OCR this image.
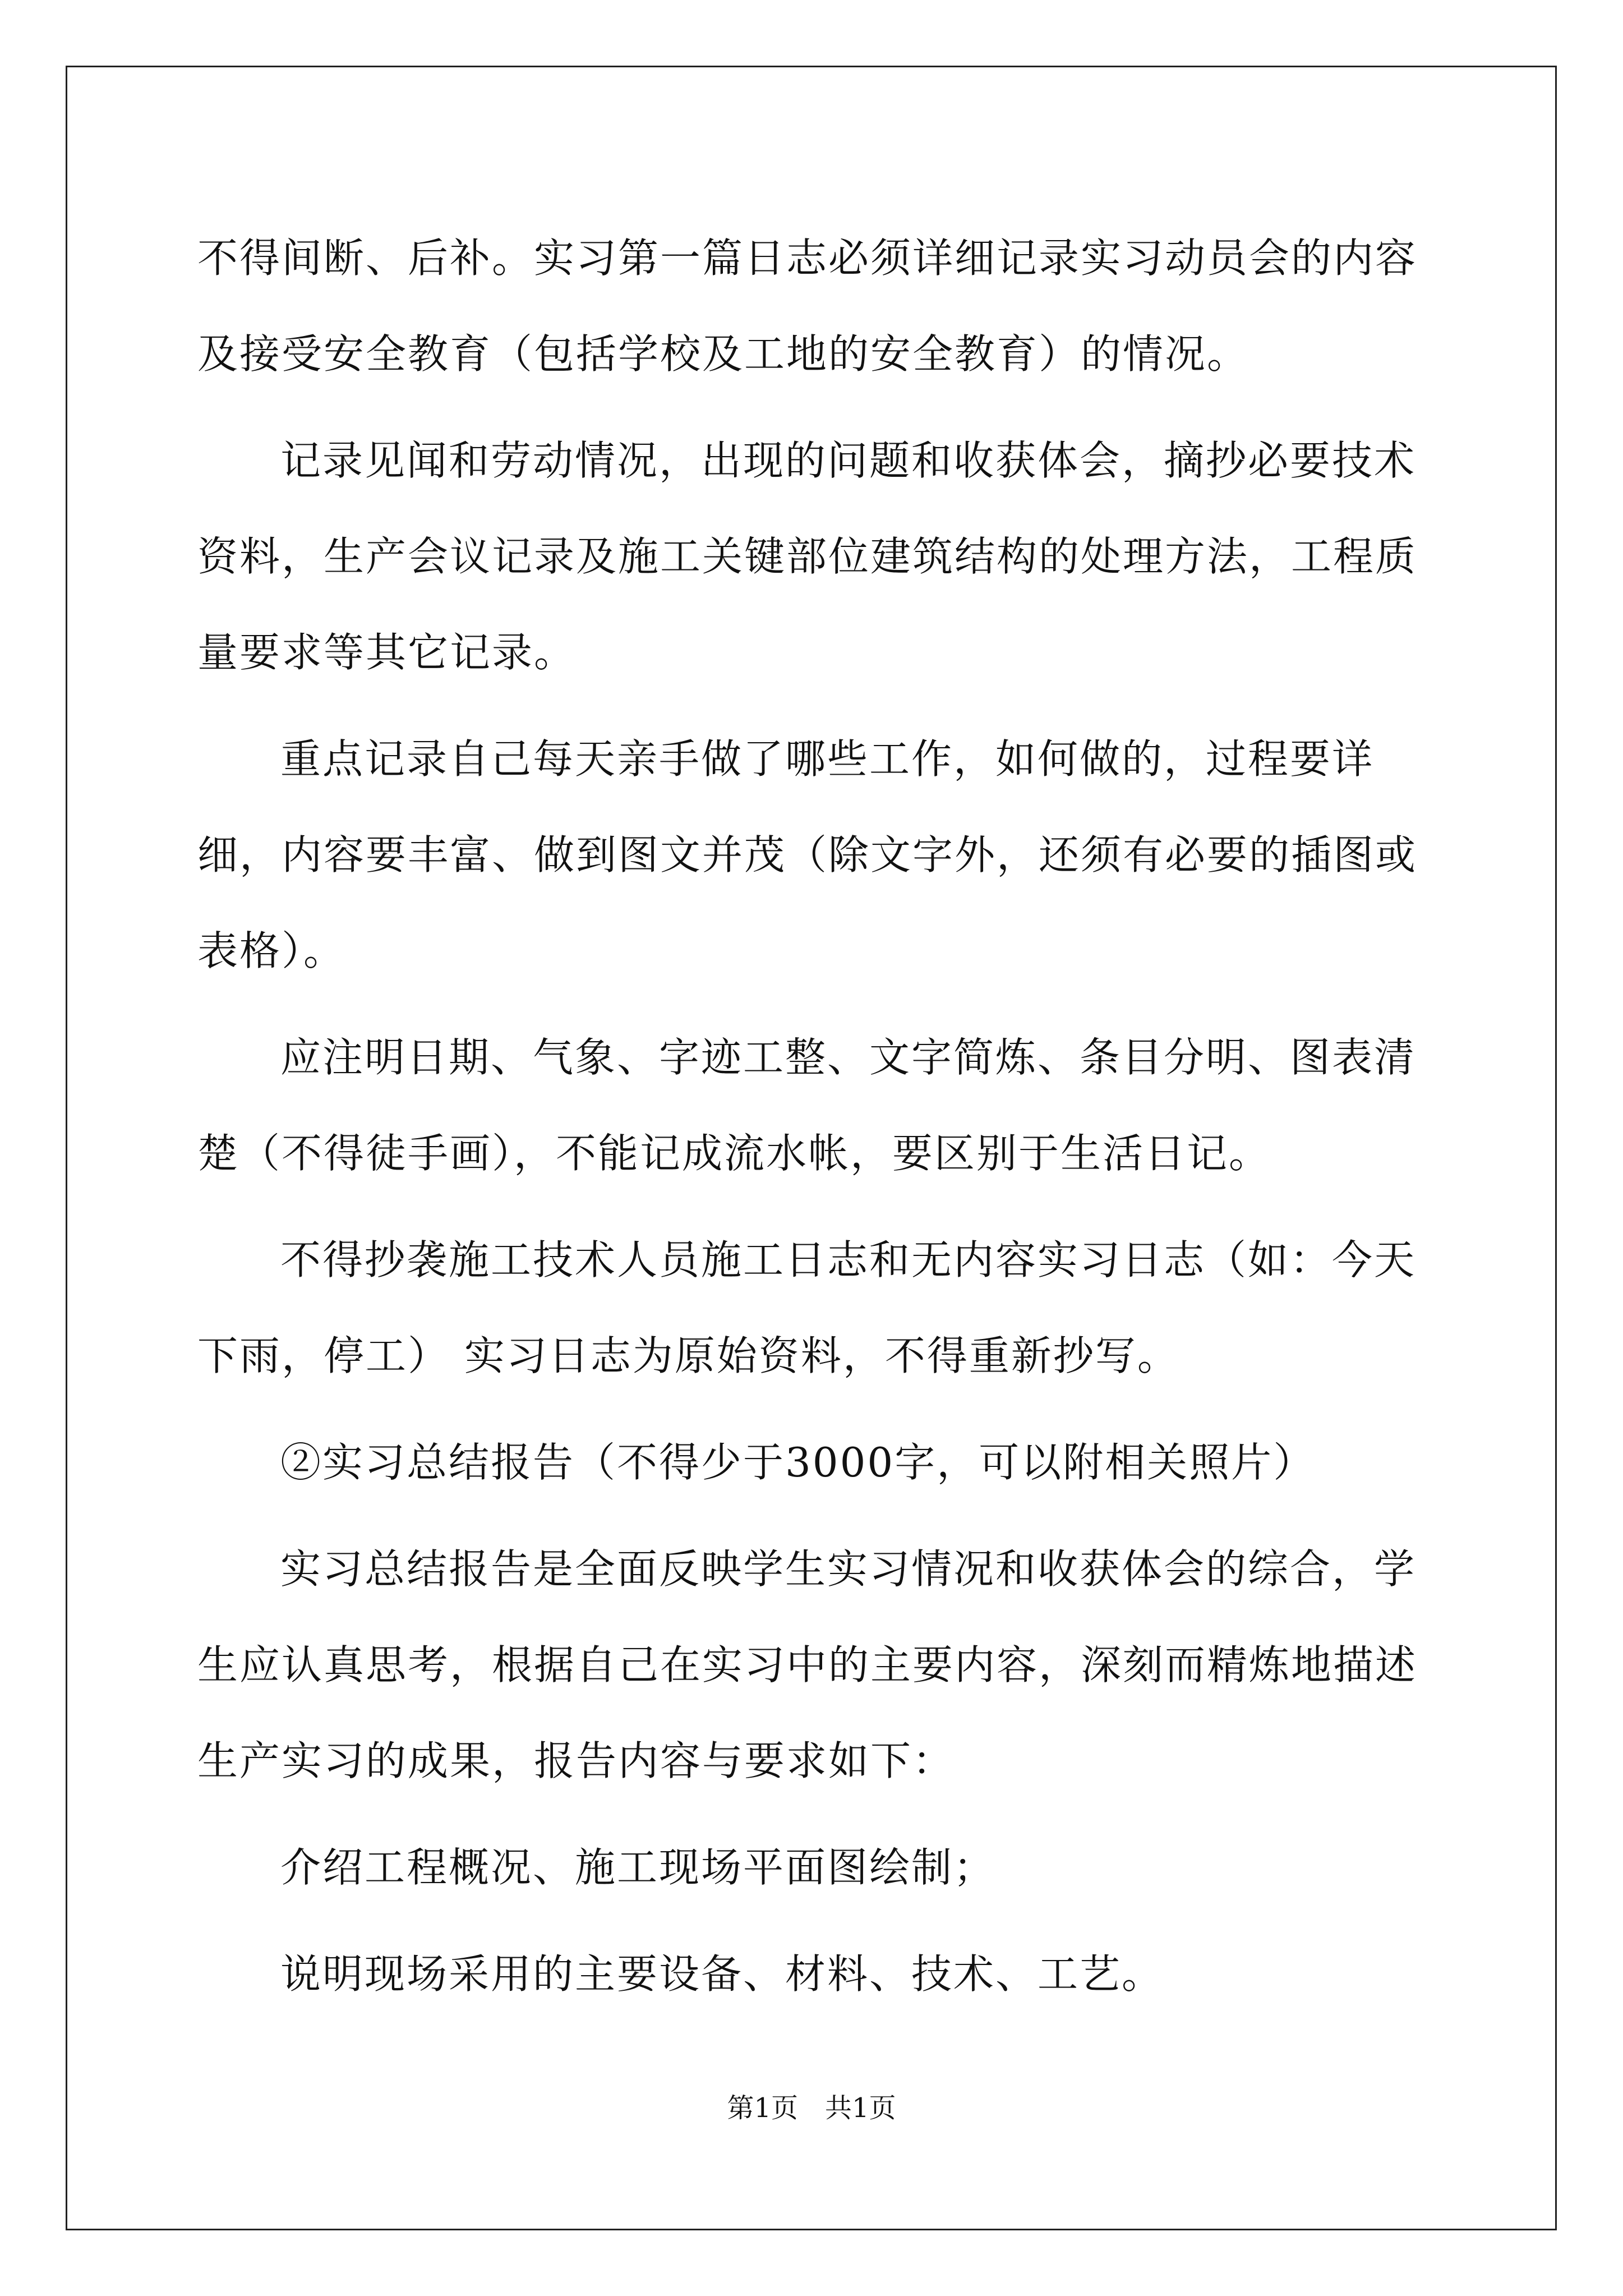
不得间断、后补。实习第一篇日志必须详细记录实习动员会的内容及接受安全教育（包括学校及工地的安全教育）的情况。

记录见闻和劳动情况，出现的问题和收获体会，摘抄必要技术资料，生产会议记录及施工关键部位建筑结构的处理方法，工程质量要求等其它记录。

重点记录自己每天亲手做了哪些工作，如何做的，过程要详细，内容要丰富、做到图文并茂（除文字外，还须有必要的插图或表格）。

应注明日期、气象、字迹工整、文字简炼、条目分明、图表清楚（不得徒手画），不能记成流水帐，要区别于生活日记。

不得抄袭施工技术人员施工日志和无内容实习日志（如：今天下雨，停工） 实习日志为原始资料，不得重新抄写。

②实习总结报告（不得少于3000字，可以附相关照片）

实习总结报告是全面反映学生实习情况和收获体会的综合，学生应认真思考，根据自己在实习中的主要内容，深刻而精炼地描述生产实习的成果，报告内容与要求如下：

介绍工程概况、施工现场平面图绘制；

说明现场采用的主要设备、材料、技术、工艺。

第1页　共1页
